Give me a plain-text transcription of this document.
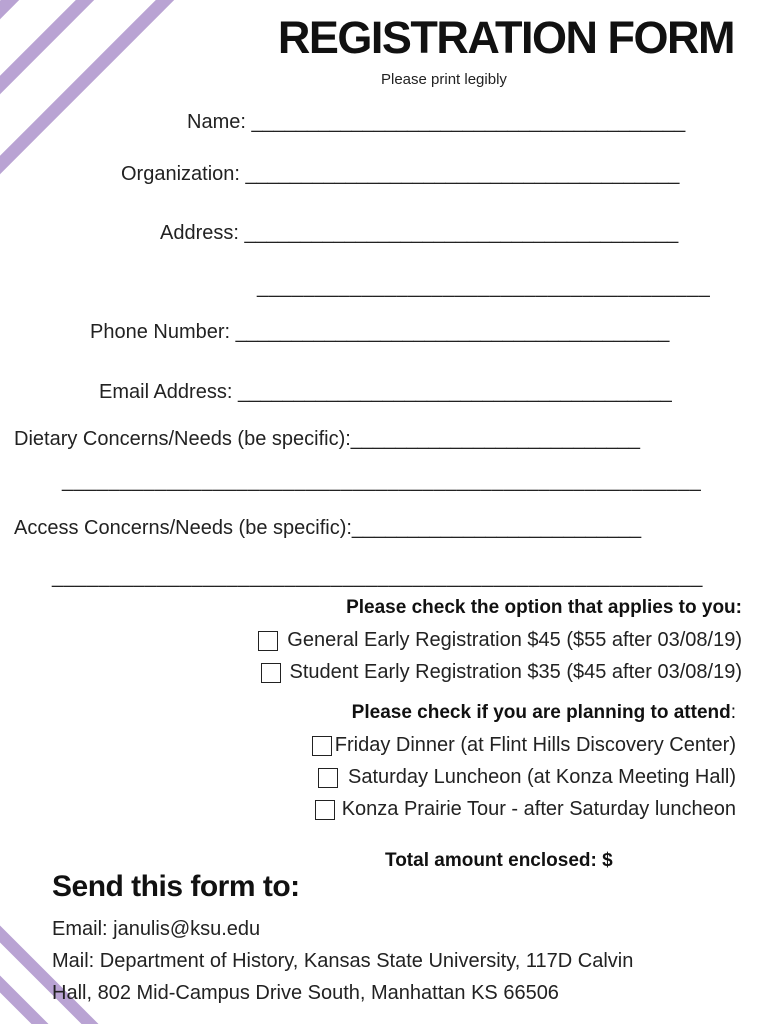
REGISTRATION FORM
Please print legibly
Name: _______________________________________
Organization: _______________________________________
Address: _______________________________________
_______________________________________
Phone Number: _______________________________________
Email Address: _______________________________________
Dietary Concerns/Needs (be specific):__________________________
_______________________________________________________
Access Concerns/Needs (be specific):__________________________
________________________________________________________
Please check the option that applies to you:
General Early Registration $45 ($55 after 03/08/19)
Student Early Registration $35 ($45 after 03/08/19)
Please check if you are planning to attend:
Friday Dinner (at Flint Hills Discovery Center)
Saturday Luncheon (at Konza Meeting Hall)
Konza Prairie Tour - after Saturday luncheon
Total amount enclosed: $
Send this form to:
Email: janulis@ksu.edu
Mail: Department of History, Kansas State University, 117D Calvin
Hall, 802 Mid-Campus Drive South, Manhattan KS 66506
